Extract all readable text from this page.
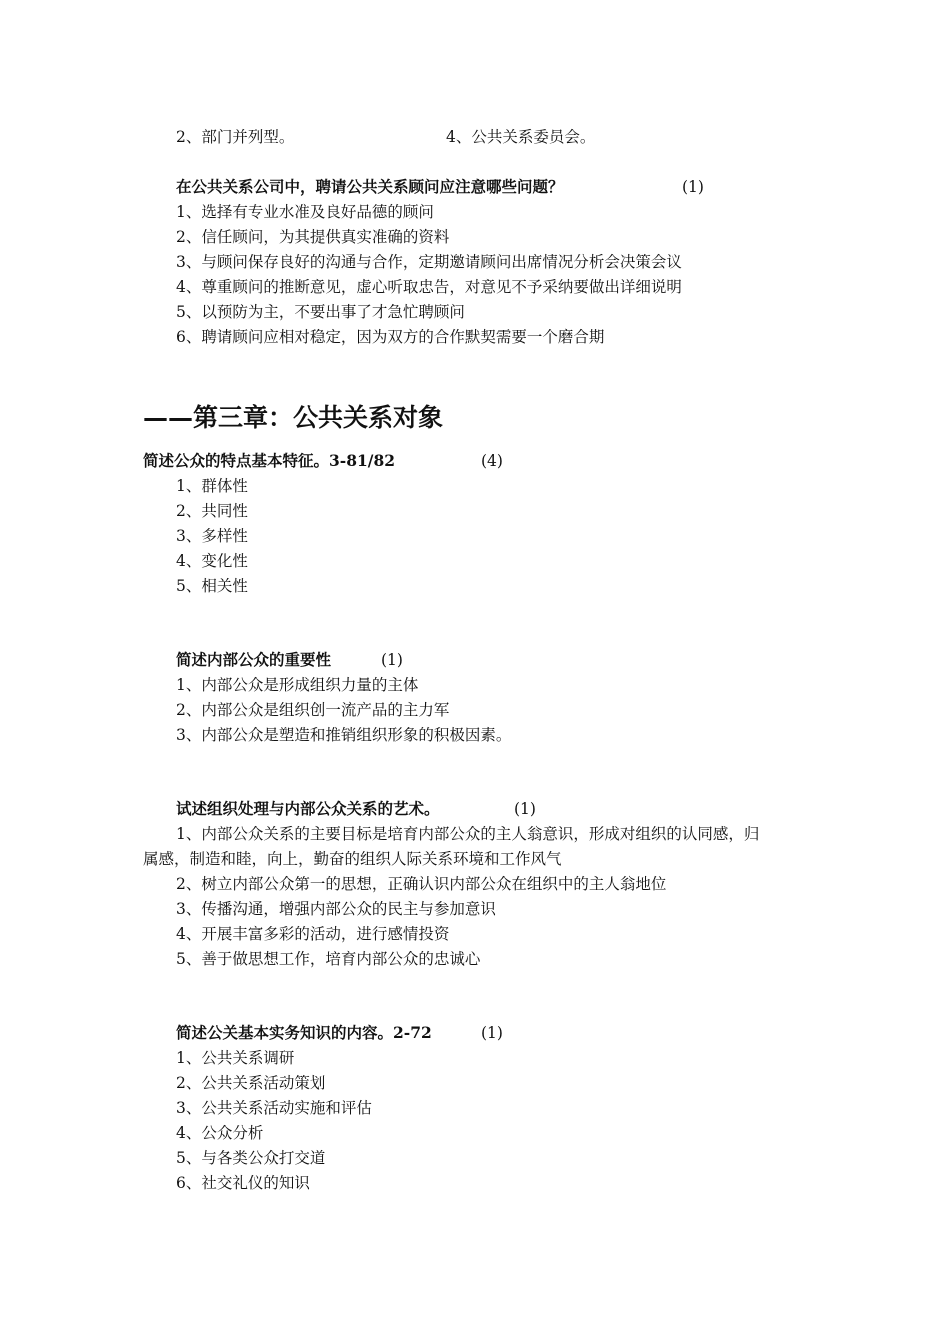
2、部门并列型。	4、公共关系委员会。
在公共关系公司中，聘请公共关系顾问应注意哪些问题？	(1)
1、选择有专业水准及良好品德的顾问
2、信任顾问，为其提供真实准确的资料
3、与顾问保存良好的沟通与合作，定期邀请顾问出席情况分析会决策会议
4、尊重顾问的推断意见，虚心听取忠告，对意见不予采纳要做出详细说明
5、以预防为主，不要出事了才急忙聘顾问
6、聘请顾问应相对稳定，因为双方的合作默契需要一个磨合期
——第三章：公共关系对象
简述公众的特点基本特征。3-81/82	(4)
1、群体性
2、共同性
3、多样性
4、变化性
5、相关性
简述内部公众的重要性	(1)
1、内部公众是形成组织力量的主体
2、内部公众是组织创一流产品的主力军
3、内部公众是塑造和推销组织形象的积极因素。
试述组织处理与内部公众关系的艺术。	(1)
1、内部公众关系的主要目标是培育内部公众的主人翁意识，形成对组织的认同感，归
属感，制造和睦，向上，勤奋的组织人际关系环境和工作风气
2、树立内部公众第一的思想，正确认识内部公众在组织中的主人翁地位
3、传播沟通，增强内部公众的民主与参加意识
4、开展丰富多彩的活动，进行感情投资
5、善于做思想工作，培育内部公众的忠诚心
简述公关基本实务知识的内容。2-72	(1)
1、公共关系调研
2、公共关系活动策划
3、公共关系活动实施和评估
4、公众分析
5、与各类公众打交道
6、社交礼仪的知识
